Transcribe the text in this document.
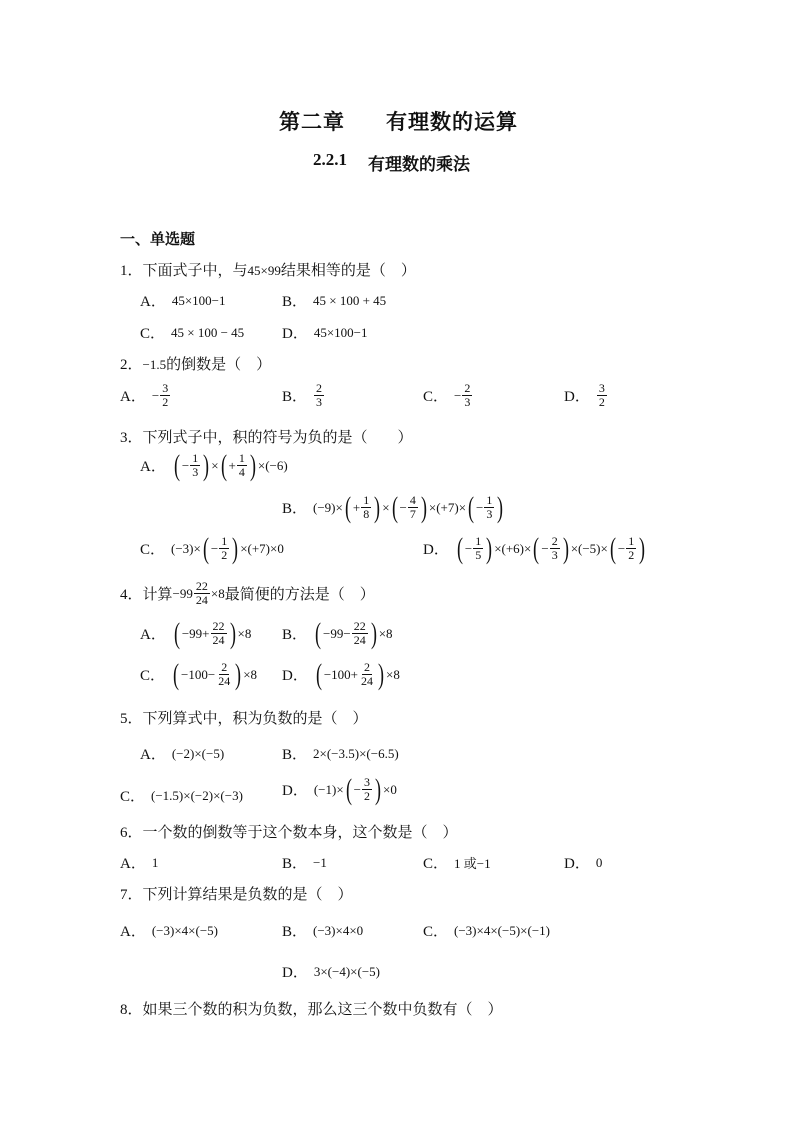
第二章 有理数的运算
2.2.1 有理数的乘法
一、单选题
1．下面式子中，与45×99结果相等的是（　）
A． 45×100−1	B． 45 × 100 + 45
C． 45 × 100 − 45	D． 45×100−1
2．−1.5的倒数是（　）
A． − $\frac{3}{2}$	B． $\frac{2}{3}$	C． − $\frac{2}{3}$	D． $\frac{3}{2}$
3．下列式子中，积的符号为负的是（　　）
A． ( − $\frac{1}{3}$ ) × ( + $\frac{1}{4}$ ) ×(−6)
B． (−9)× ( + $\frac{1}{8}$ ) × ( − $\frac{4}{7}$ ) ×(+7)× ( − $\frac{1}{3}$ )
C． (−3)× ( − $\frac{1}{2}$ ) ×(+7)×0	D． ( − $\frac{1}{5}$ ) ×(+6)× ( − $\frac{2}{3}$ ) ×(−5)× ( − $\frac{1}{2}$ )
4．计算 $-99 \frac{22}{24} \times 8$ 最简便的方法是（　）
A． ( $-99+ \frac{22}{24}$ ) ×8 B． ( $-99- \frac{22}{24}$ ) ×8
C． ( $-100- \frac{2}{24}$ ) ×8 D． ( $-100+ \frac{2}{24}$ ) ×8
5．下列算式中，积为负数的是（　）
A． (−2)×(−5)	B． 2×(−3.5)×(−6.5)
C． (−1.5)×(−2)×(−3)	D． (−1)× ( − $\frac{3}{2}$ ) ×0
6．一个数的倒数等于这个数本身，这个数是（　）
A． 1	B． −1	C． 1 或−1	D． 0
7．下列计算结果是负数的是（　）
A． (−3)×4×(−5)	B． (−3)×4×0	C． (−3)×4×(−5)×(−1)
D． 3×(−4)×(−5)
8．如果三个数的积为负数，那么这三个数中负数有（　）
